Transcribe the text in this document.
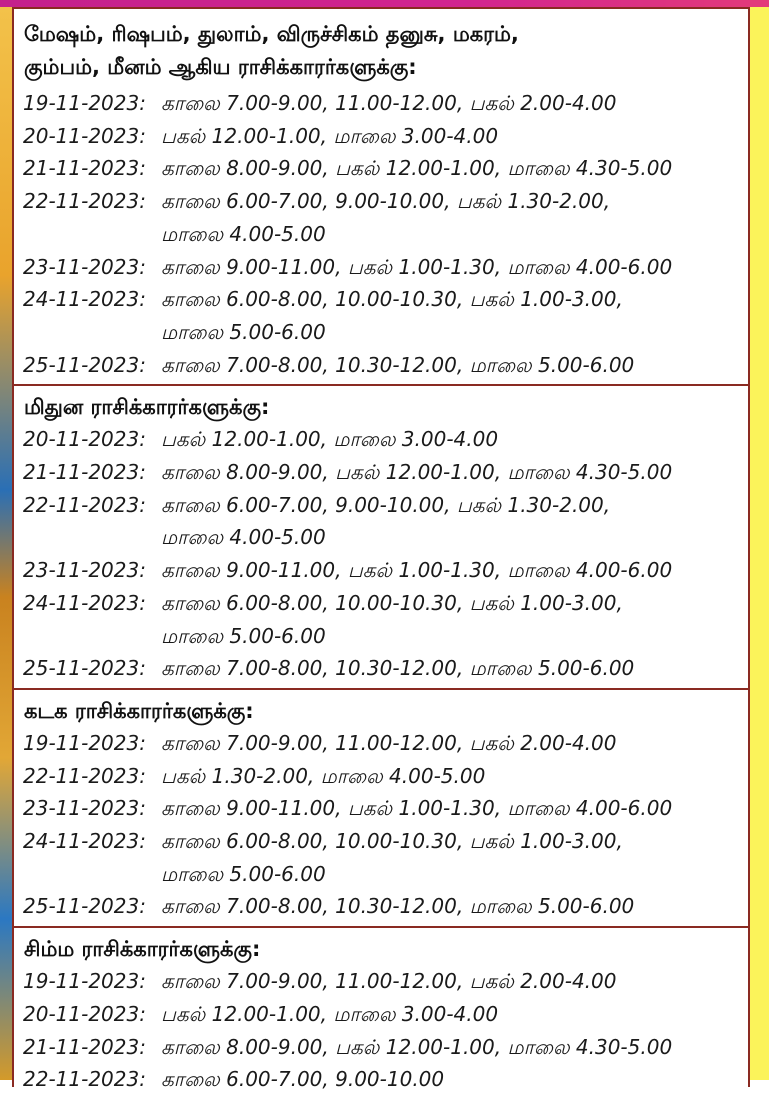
மேஷம், ரிஷபம், துலாம், விருச்சிகம் தனுசு, மகரம்,
கும்பம், மீனம் ஆகிய ராசிக்காரர்களுக்கு:
19-11-2023: காலை 7.00-9.00, 11.00-12.00, பகல் 2.00-4.00
20-11-2023: பகல் 12.00-1.00, மாலை 3.00-4.00
21-11-2023: காலை 8.00-9.00, பகல் 12.00-1.00, மாலை 4.30-5.00
22-11-2023: காலை 6.00-7.00, 9.00-10.00, பகல் 1.30-2.00,
மாலை 4.00-5.00
23-11-2023: காலை 9.00-11.00, பகல் 1.00-1.30, மாலை 4.00-6.00
24-11-2023: காலை 6.00-8.00, 10.00-10.30, பகல் 1.00-3.00,
மாலை 5.00-6.00
25-11-2023: காலை 7.00-8.00, 10.30-12.00, மாலை 5.00-6.00
மிதுன ராசிக்காரர்களுக்கு:
20-11-2023: பகல் 12.00-1.00, மாலை 3.00-4.00
21-11-2023: காலை 8.00-9.00, பகல் 12.00-1.00, மாலை 4.30-5.00
22-11-2023: காலை 6.00-7.00, 9.00-10.00, பகல் 1.30-2.00,
மாலை 4.00-5.00
23-11-2023: காலை 9.00-11.00, பகல் 1.00-1.30, மாலை 4.00-6.00
24-11-2023: காலை 6.00-8.00, 10.00-10.30, பகல் 1.00-3.00,
மாலை 5.00-6.00
25-11-2023: காலை 7.00-8.00, 10.30-12.00, மாலை 5.00-6.00
கடக ராசிக்காரர்களுக்கு:
19-11-2023: காலை 7.00-9.00, 11.00-12.00, பகல் 2.00-4.00
22-11-2023: பகல் 1.30-2.00, மாலை 4.00-5.00
23-11-2023: காலை 9.00-11.00, பகல் 1.00-1.30, மாலை 4.00-6.00
24-11-2023: காலை 6.00-8.00, 10.00-10.30, பகல் 1.00-3.00,
மாலை 5.00-6.00
25-11-2023: காலை 7.00-8.00, 10.30-12.00, மாலை 5.00-6.00
சிம்ம ராசிக்காரர்களுக்கு:
19-11-2023: காலை 7.00-9.00, 11.00-12.00, பகல் 2.00-4.00
20-11-2023: பகல் 12.00-1.00, மாலை 3.00-4.00
21-11-2023: காலை 8.00-9.00, பகல் 12.00-1.00, மாலை 4.30-5.00
22-11-2023: காலை 6.00-7.00, 9.00-10.00
